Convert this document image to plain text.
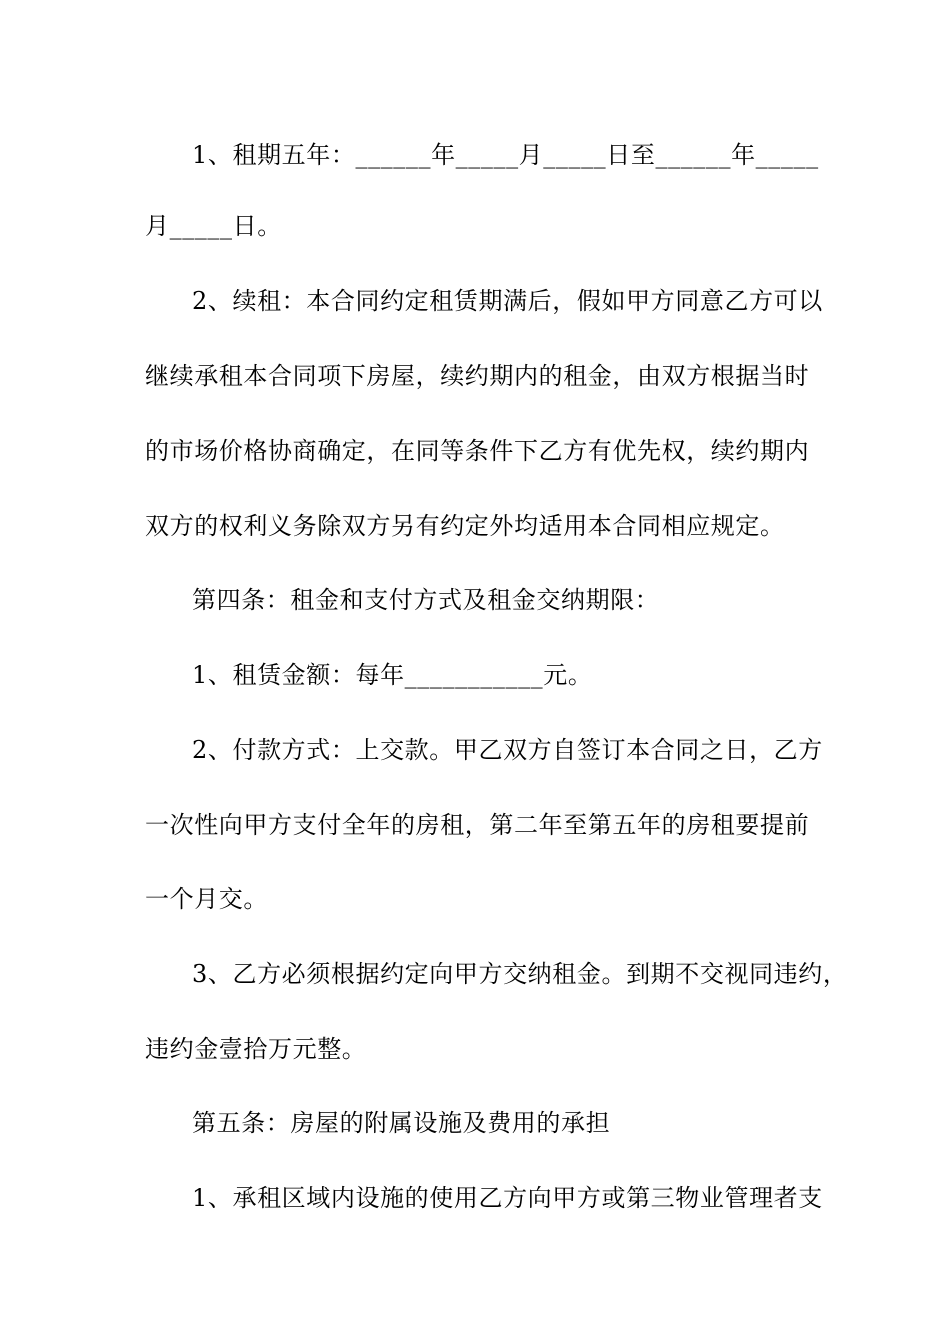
1、租期五年：______年_____月_____日至______年_____
月_____日。
2、续租：本合同约定租赁期满后，假如甲方同意乙方可以
继续承租本合同项下房屋，续约期内的租金，由双方根据当时
的市场价格协商确定，在同等条件下乙方有优先权，续约期内
双方的权利义务除双方另有约定外均适用本合同相应规定。
第四条：租金和支付方式及租金交纳期限：
1、租赁金额：每年___________元。
2、付款方式：上交款。甲乙双方自签订本合同之日，乙方
一次性向甲方支付全年的房租，第二年至第五年的房租要提前
一个月交。
3、乙方必须根据约定向甲方交纳租金。到期不交视同违约，
违约金壹拾万元整。
第五条：房屋的附属设施及费用的承担
1、承租区域内设施的使用乙方向甲方或第三物业管理者支
